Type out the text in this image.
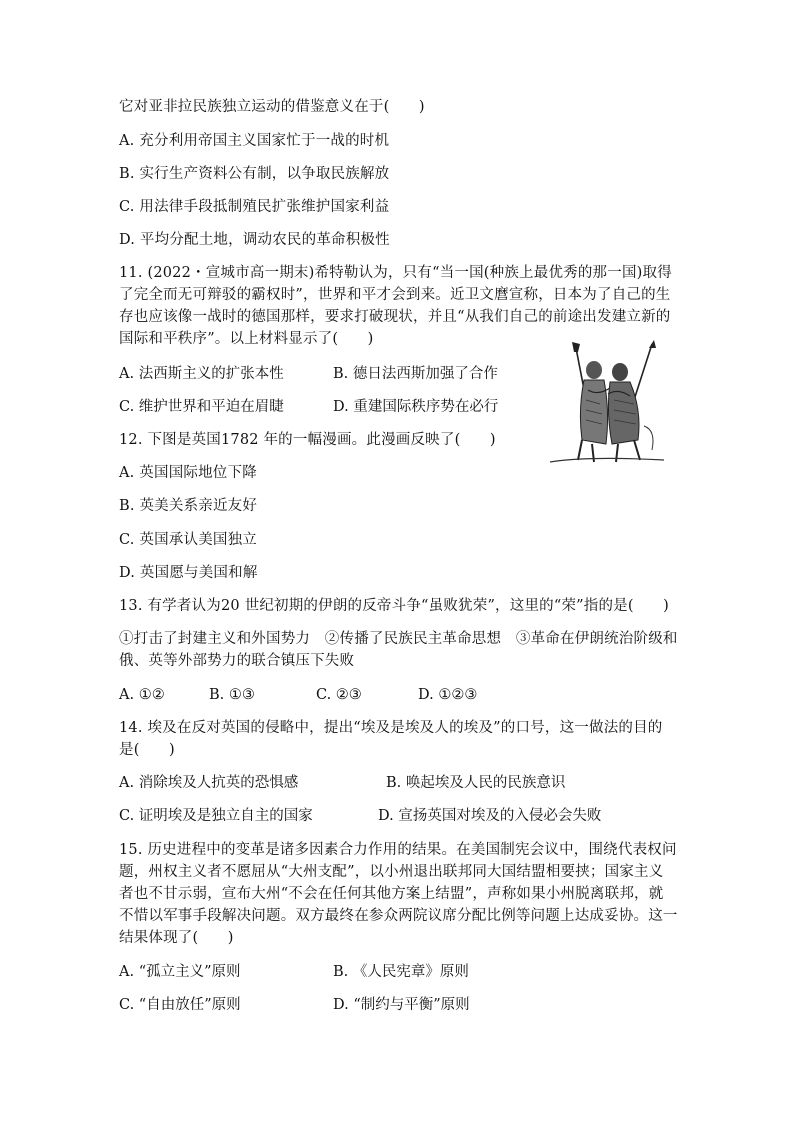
它对亚非拉民族独立运动的借鉴意义在于(　　)
A. 充分利用帝国主义国家忙于一战的时机
B. 实行生产资料公有制，以争取民族解放
C. 用法律手段抵制殖民扩张维护国家利益
D. 平均分配土地，调动农民的革命积极性
11. (2022・宣城市高一期末)希特勒认为，只有“当一国(种族上最优秀的那一国)取得
了完全而无可辩驳的霸权时”，世界和平才会到来。近卫文麿宣称，日本为了自己的生
存也应该像一战时的德国那样，要求打破现状，并且“从我们自己的前途出发建立新的
国际和平秩序”。以上材料显示了(　　)
A. 法西斯主义的扩张本性	B. 德日法西斯加强了合作
C. 维护世界和平迫在眉睫	D. 重建国际秩序势在必行
12. 下图是英国1782 年的一幅漫画。此漫画反映了(　　)
A. 英国国际地位下降
B. 英美关系亲近友好
C. 英国承认美国独立
D. 英国愿与美国和解
13. 有学者认为20 世纪初期的伊朗的反帝斗争“虽败犹荣”，这里的“荣”指的是(　　)
①打击了封建主义和外国势力　②传播了民族民主革命思想　③革命在伊朗统治阶级和
俄、英等外部势力的联合镇压下失败
A. ①②	B. ①③	C. ②③	D. ①②③
14. 埃及在反对英国的侵略中，提出“埃及是埃及人的埃及”的口号，这一做法的目的
是(　　)
A. 消除埃及人抗英的恐惧感	B. 唤起埃及人民的民族意识
C. 证明埃及是独立自主的国家	D. 宣扬英国对埃及的入侵必会失败
15. 历史进程中的变革是诸多因素合力作用的结果。在美国制宪会议中，围绕代表权问
题，州权主义者不愿屈从“大州支配”，以小州退出联邦同大国结盟相要挟；国家主义
者也不甘示弱，宣布大州“不会在任何其他方案上结盟”，声称如果小州脱离联邦，就
不惜以军事手段解决问题。双方最终在参众两院议席分配比例等问题上达成妥协。这一
结果体现了(　　)
A. “孤立主义”原则	B. 《人民宪章》原则
C. “自由放任”原则	D. “制约与平衡”原则
